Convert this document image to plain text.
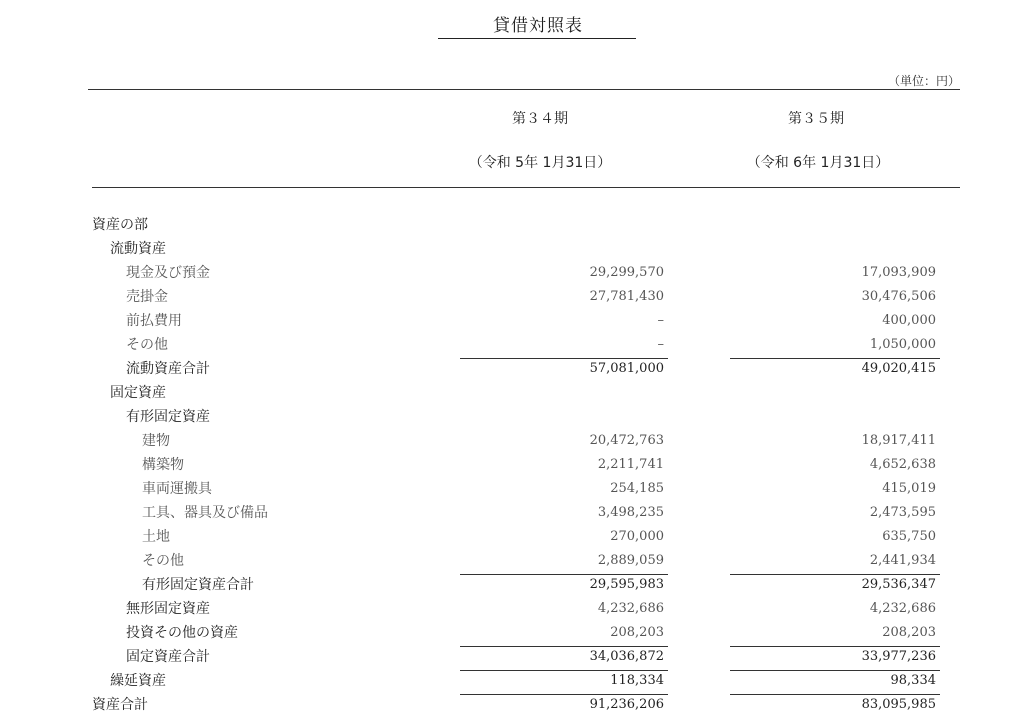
貸借対照表
（単位：円）
第３４期	第３５期
（令和 5年 1月31日）	（令和 6年 1月31日）
資産の部
流動資産
現金及び預金	29,299,570	17,093,909
売掛金	27,781,430	30,476,506
前払費用	–	400,000
その他	–	1,050,000
流動資産合計	57,081,000	49,020,415
固定資産
有形固定資産
建物	20,472,763	18,917,411
構築物	2,211,741	4,652,638
車両運搬具	254,185	415,019
工具、器具及び備品	3,498,235	2,473,595
土地	270,000	635,750
その他	2,889,059	2,441,934
有形固定資産合計	29,595,983	29,536,347
無形固定資産	4,232,686	4,232,686
投資その他の資産	208,203	208,203
固定資産合計	34,036,872	33,977,236
繰延資産	118,334	98,334
資産合計	91,236,206	83,095,985
